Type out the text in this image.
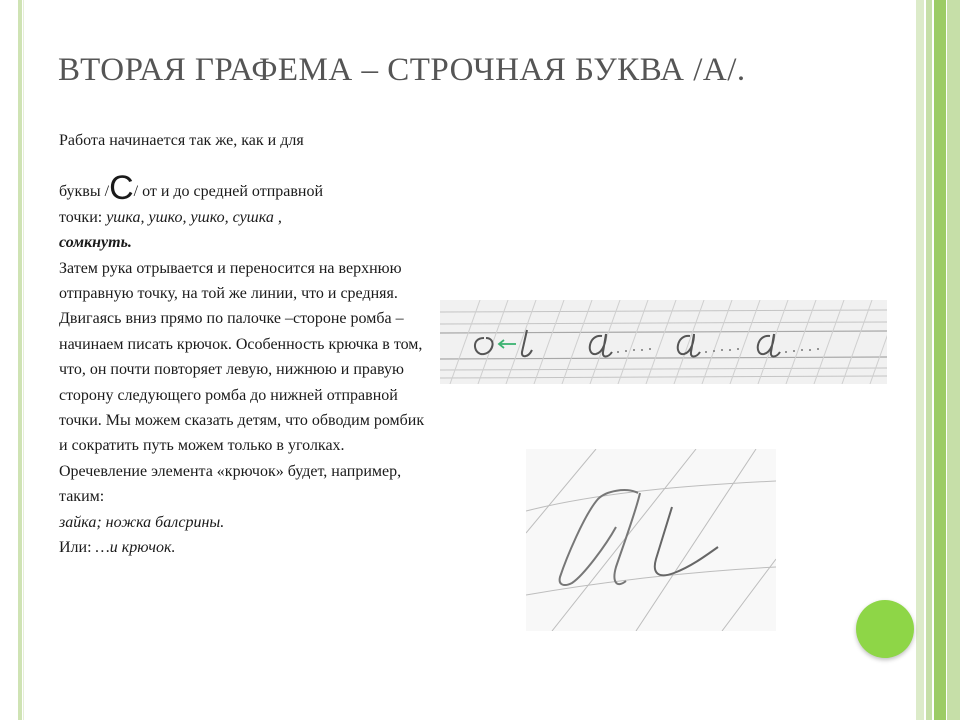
ВТОРАЯ ГРАФЕМА – СТРОЧНАЯ БУКВА /А/.

Работа начинается так же, как и для

буквы /С/ от и до средней отправной

точки: ушка, ушко, ушко, сушка ,

сомкнуть.

Затем рука отрывается и переносится на верхнюю отправную точку, на той же линии, что и средняя. Двигаясь вниз прямо по палочке –стороне ромба – начинаем писать крючок. Особенность крючка в том, что, он почти повторяет левую, нижнюю и правую сторону следующего ромба до нижней отправной точки. Мы можем сказать детям, что обводим ромбик и сократить путь можем только в уголках.

Оречевление элемента «крючок» будет, например, таким:

зайка; ножка балсрины.

Или: …и крючок.
